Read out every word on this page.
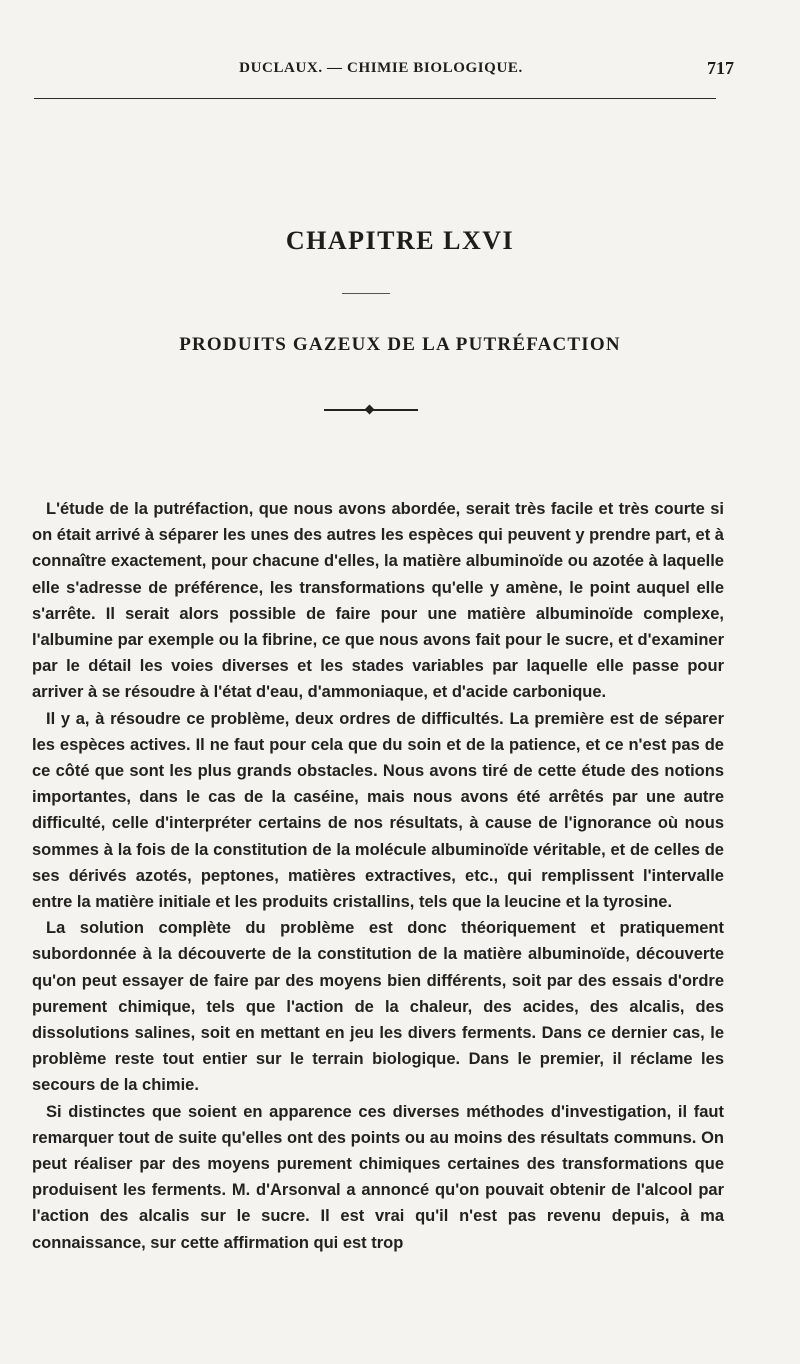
DUCLAUX. — CHIMIE BIOLOGIQUE.	717
CHAPITRE LXVI
PRODUITS GAZEUX DE LA PUTRÉFACTION

L'étude de la putréfaction, que nous avons abordée, serait très facile et très courte si on était arrivé à séparer les unes des autres les espèces qui peuvent y prendre part, et à connaître exactement, pour chacune d'elles, la matière albuminoïde ou azotée à laquelle elle s'adresse de préférence, les transformations qu'elle y amène, le point auquel elle s'arrête. Il serait alors possible de faire pour une matière albuminoïde complexe, l'albumine par exemple ou la fibrine, ce que nous avons fait pour le sucre, et d'examiner par le détail les voies diverses et les stades variables par laquelle elle passe pour arriver à se résoudre à l'état d'eau, d'ammoniaque, et d'acide carbonique.

Il y a, à résoudre ce problème, deux ordres de difficultés. La première est de séparer les espèces actives. Il ne faut pour cela que du soin et de la patience, et ce n'est pas de ce côté que sont les plus grands obstacles. Nous avons tiré de cette étude des notions importantes, dans le cas de la caséine, mais nous avons été arrêtés par une autre difficulté, celle d'interpréter certains de nos résultats, à cause de l'ignorance où nous sommes à la fois de la constitution de la molécule albuminoïde véritable, et de celles de ses dérivés azotés, peptones, matières extractives, etc., qui remplissent l'intervalle entre la matière initiale et les produits cristallins, tels que la leucine et la tyrosine.

La solution complète du problème est donc théoriquement et pratiquement subordonnée à la découverte de la constitution de la matière albuminoïde, découverte qu'on peut essayer de faire par des moyens bien différents, soit par des essais d'ordre purement chimique, tels que l'action de la chaleur, des acides, des alcalis, des dissolutions salines, soit en mettant en jeu les divers ferments. Dans ce dernier cas, le problème reste tout entier sur le terrain biologique. Dans le premier, il réclame les secours de la chimie.

Si distinctes que soient en apparence ces diverses méthodes d'investigation, il faut remarquer tout de suite qu'elles ont des points ou au moins des résultats communs. On peut réaliser par des moyens purement chimiques certaines des transformations que produisent les ferments. M. d'Arsonval a annoncé qu'on pouvait obtenir de l'alcool par l'action des alcalis sur le sucre. Il est vrai qu'il n'est pas revenu depuis, à ma connaissance, sur cette affirmation qui est trop
